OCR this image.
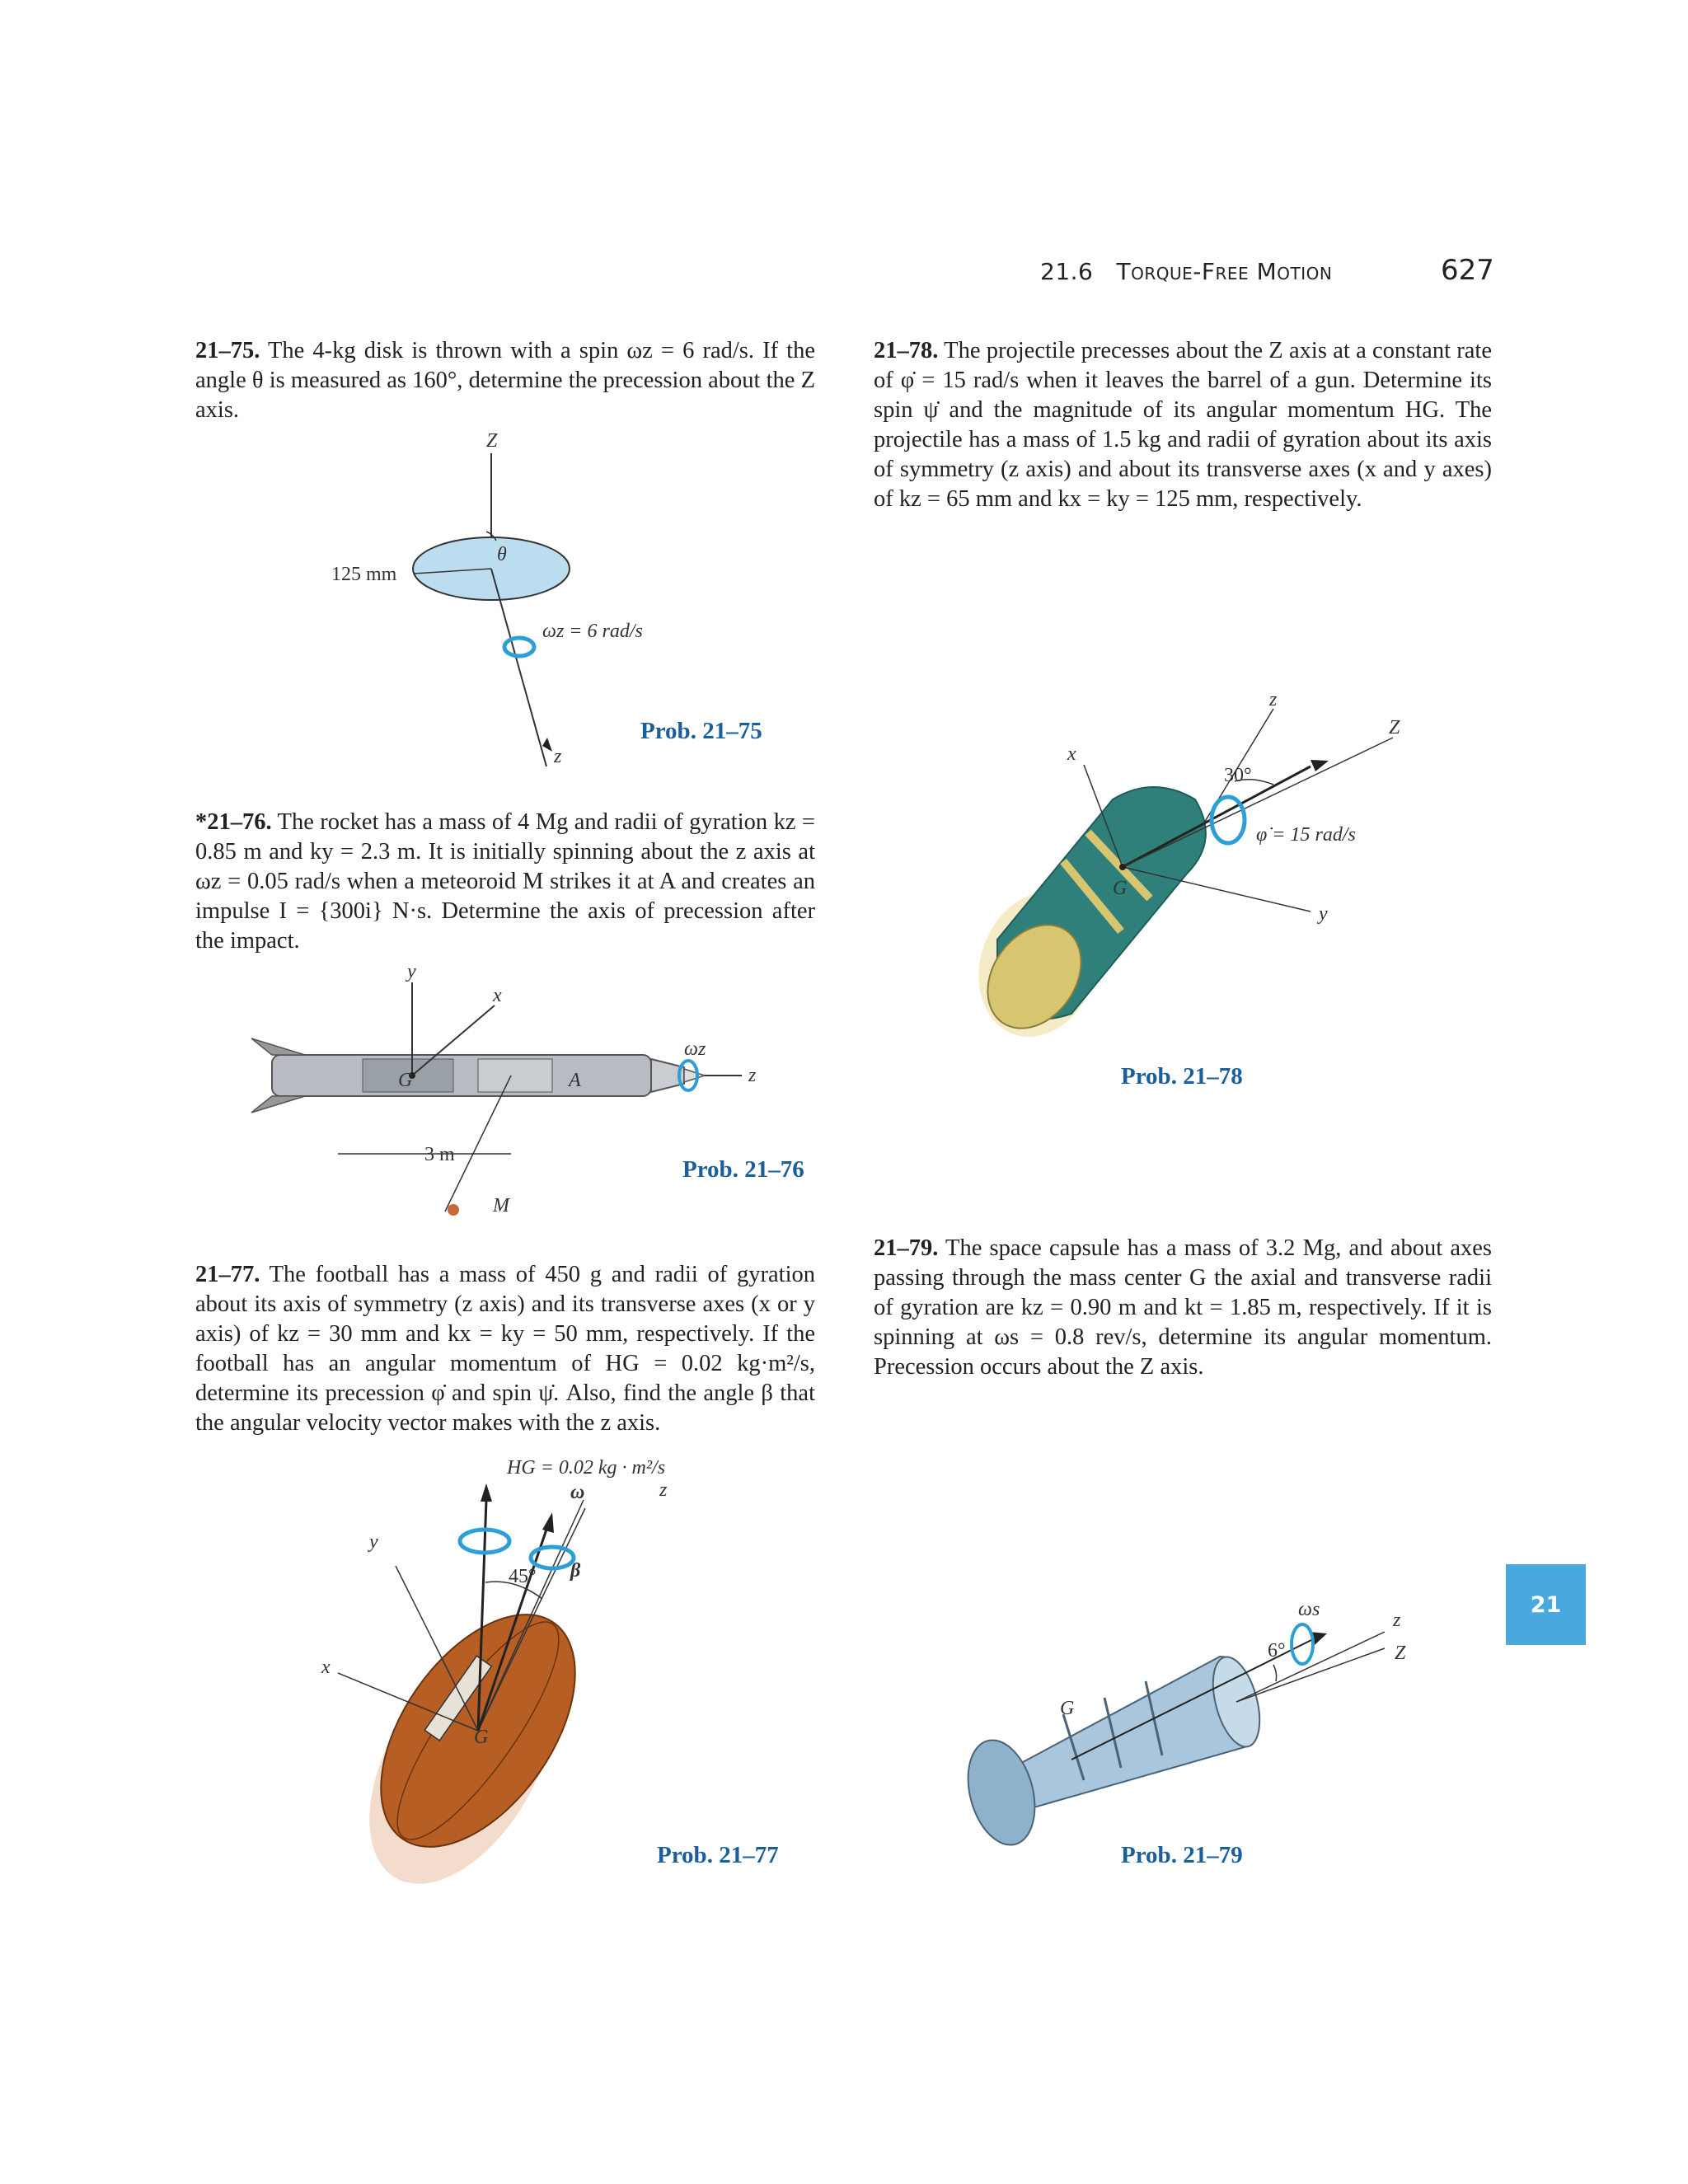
21.6 Torque-Free Motion	627
21–75. The 4-kg disk is thrown with a spin ωz = 6 rad/s. If the angle θ is measured as 160°, determine the precession about the Z axis.
Z
θ
125 mm
ωz = 6 rad/s
z
Prob. 21–75
*21–76. The rocket has a mass of 4 Mg and radii of gyration kz = 0.85 m and ky = 2.3 m. It is initially spinning about the z axis at ωz = 0.05 rad/s when a meteoroid M strikes it at A and creates an impulse I = {300i} N·s. Determine the axis of precession after the impact.
y
x
G	A
ωz
z
3 m
M
Prob. 21–76
21–77. The football has a mass of 450 g and radii of gyration about its axis of symmetry (z axis) and its transverse axes (x or y axis) of kz = 30 mm and kx = ky = 50 mm, respectively. If the football has an angular momentum of HG = 0.02 kg·m²/s, determine its precession φ̇ and spin ψ̇. Also, find the angle β that the angular velocity vector makes with the z axis.
HG = 0.02 kg · m²/s
ω	z
y
x
45° β
G
Prob. 21–77
21–78. The projectile precesses about the Z axis at a constant rate of φ̇ = 15 rad/s when it leaves the barrel of a gun. Determine its spin ψ̇ and the magnitude of its angular momentum HG. The projectile has a mass of 1.5 kg and radii of gyration about its axis of symmetry (z axis) and about its transverse axes (x and y axes) of kz = 65 mm and kx = ky = 125 mm, respectively.
z
Z
x
y
G
30°
φ̇ = 15 rad/s
Prob. 21–78
21–79. The space capsule has a mass of 3.2 Mg, and about axes passing through the mass center G the axial and transverse radii of gyration are kz = 0.90 m and kt = 1.85 m, respectively. If it is spinning at ωs = 0.8 rev/s, determine its angular momentum. Precession occurs about the Z axis.
ωs	z
Z
6°
G
Prob. 21–79
21
